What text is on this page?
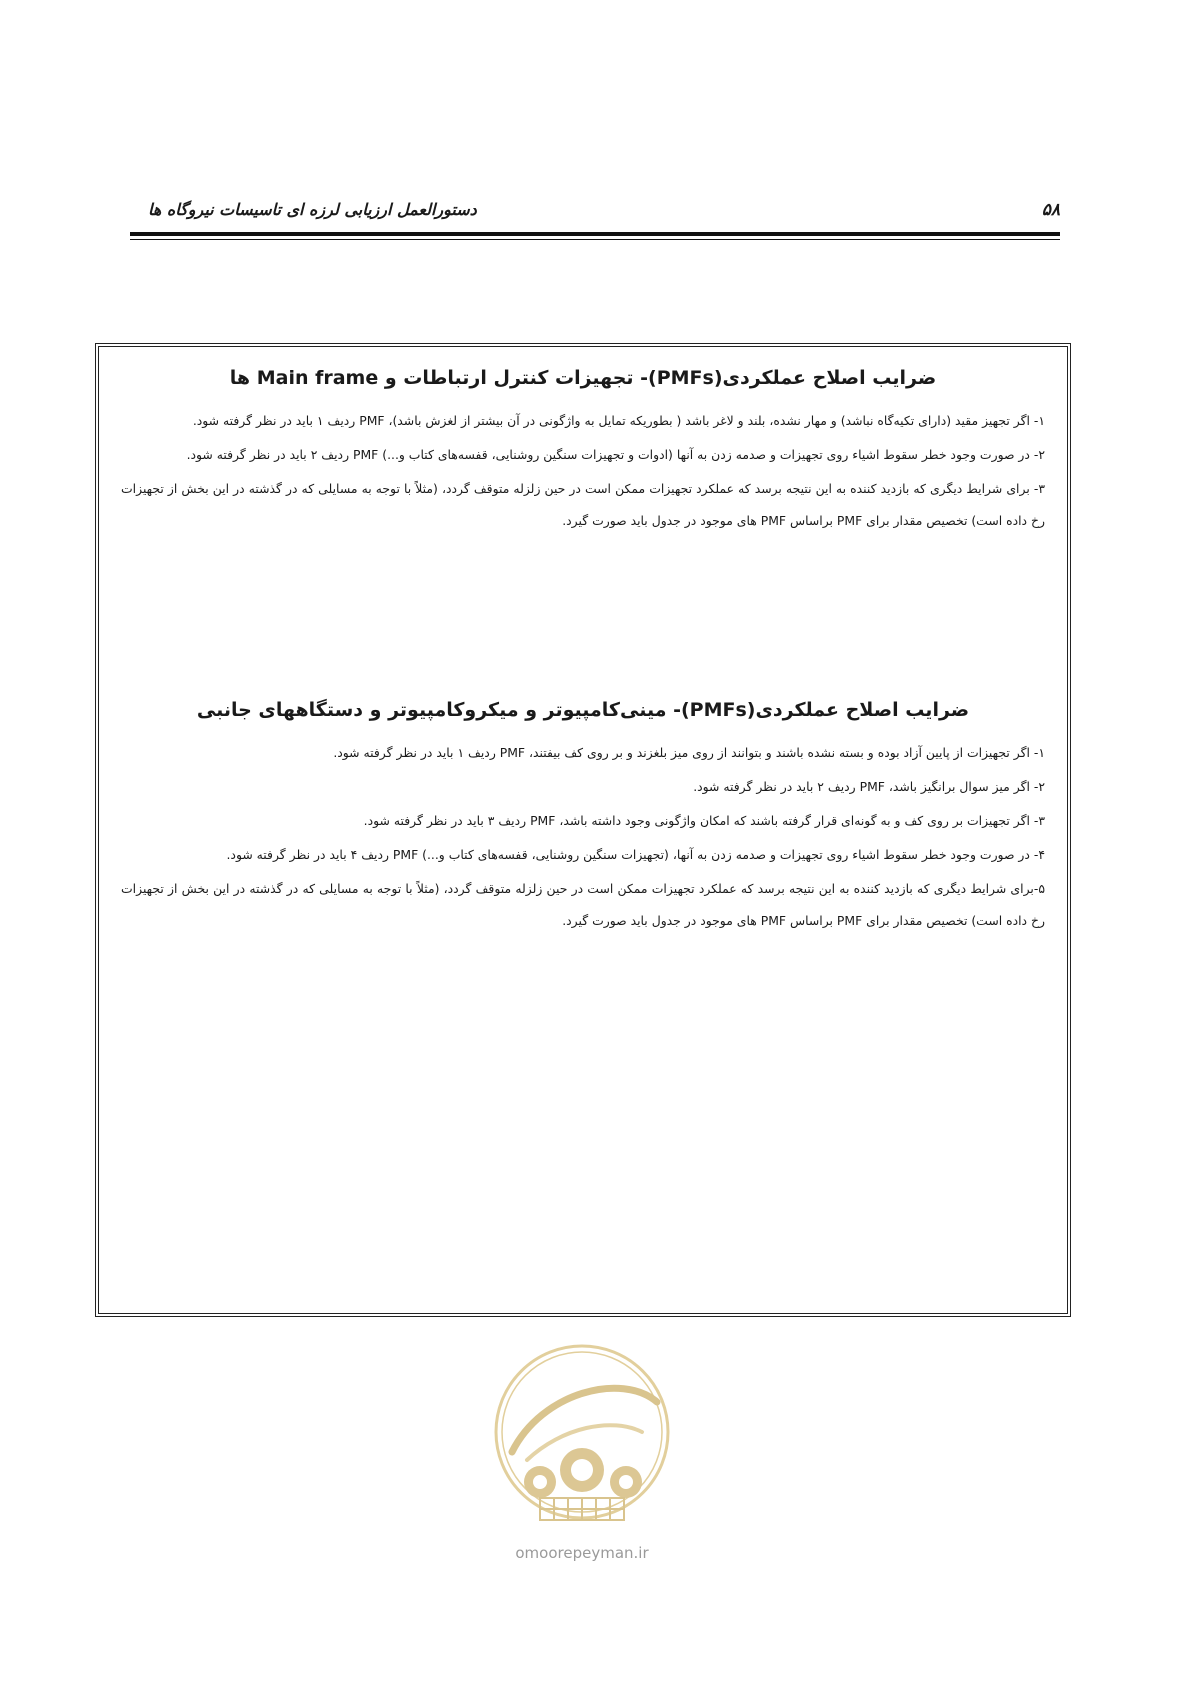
دستورالعمل ارزیابی لرزه ای تاسیسات نیروگاه ها	۵۸
ضرایب اصلاح عملکردی(PMFs)- تجهیزات کنترل ارتباطات و Main frame ها

۱- اگر تجهیز مقید (دارای تکیه‌گاه نباشد) و مهار نشده، بلند و لاغر باشد ( بطوریکه تمایل به واژگونی در آن بیشتر از لغزش باشد)، PMF ردیف ۱ باید در نظر گرفته شود.

۲- در صورت وجود خطر سقوط اشیاء روی تجهیزات و صدمه زدن به آنها (ادوات و تجهیزات سنگین روشنایی، قفسه‌های کتاب و...) PMF ردیف ۲ باید در نظر گرفته شود.

۳- برای شرایط دیگری که بازدید کننده به این نتیجه برسد که عملکرد تجهیزات ممکن است در حین زلزله متوقف گردد، (مثلاً با توجه به مسایلی که در گذشته در این بخش از تجهیزات رخ داده است) تخصیص مقدار برای PMF براساس PMF های موجود در جدول باید صورت گیرد.

ضرایب اصلاح عملکردی(PMFs)- مینی‌کامپیوتر و میکروکامپیوتر و دستگاههای جانبی

۱- اگر تجهیزات از پایین آزاد بوده و بسته نشده باشند و بتوانند از روی میز بلغزند و بر روی کف بیفتند، PMF ردیف ۱ باید در نظر گرفته شود.

۲- اگر میز سوال برانگیز باشد، PMF ردیف ۲ باید در نظر گرفته شود.

۳- اگر تجهیزات بر روی کف و به گونه‌ای قرار گرفته باشند که امکان واژگونی وجود داشته باشد، PMF ردیف ۳ باید در نظر گرفته شود.

۴- در صورت وجود خطر سقوط اشیاء روی تجهیزات و صدمه زدن به آنها، (تجهیزات سنگین روشنایی، قفسه‌های کتاب و...) PMF ردیف ۴ باید در نظر گرفته شود.

۵-برای شرایط دیگری که بازدید کننده به این نتیجه برسد که عملکرد تجهیزات ممکن است در حین زلزله متوقف گردد، (مثلاً با توجه به مسایلی که در گذشته در این بخش از تجهیزات رخ داده است) تخصیص مقدار برای PMF براساس PMF های موجود در جدول باید صورت گیرد.

omoorepeyman.ir
